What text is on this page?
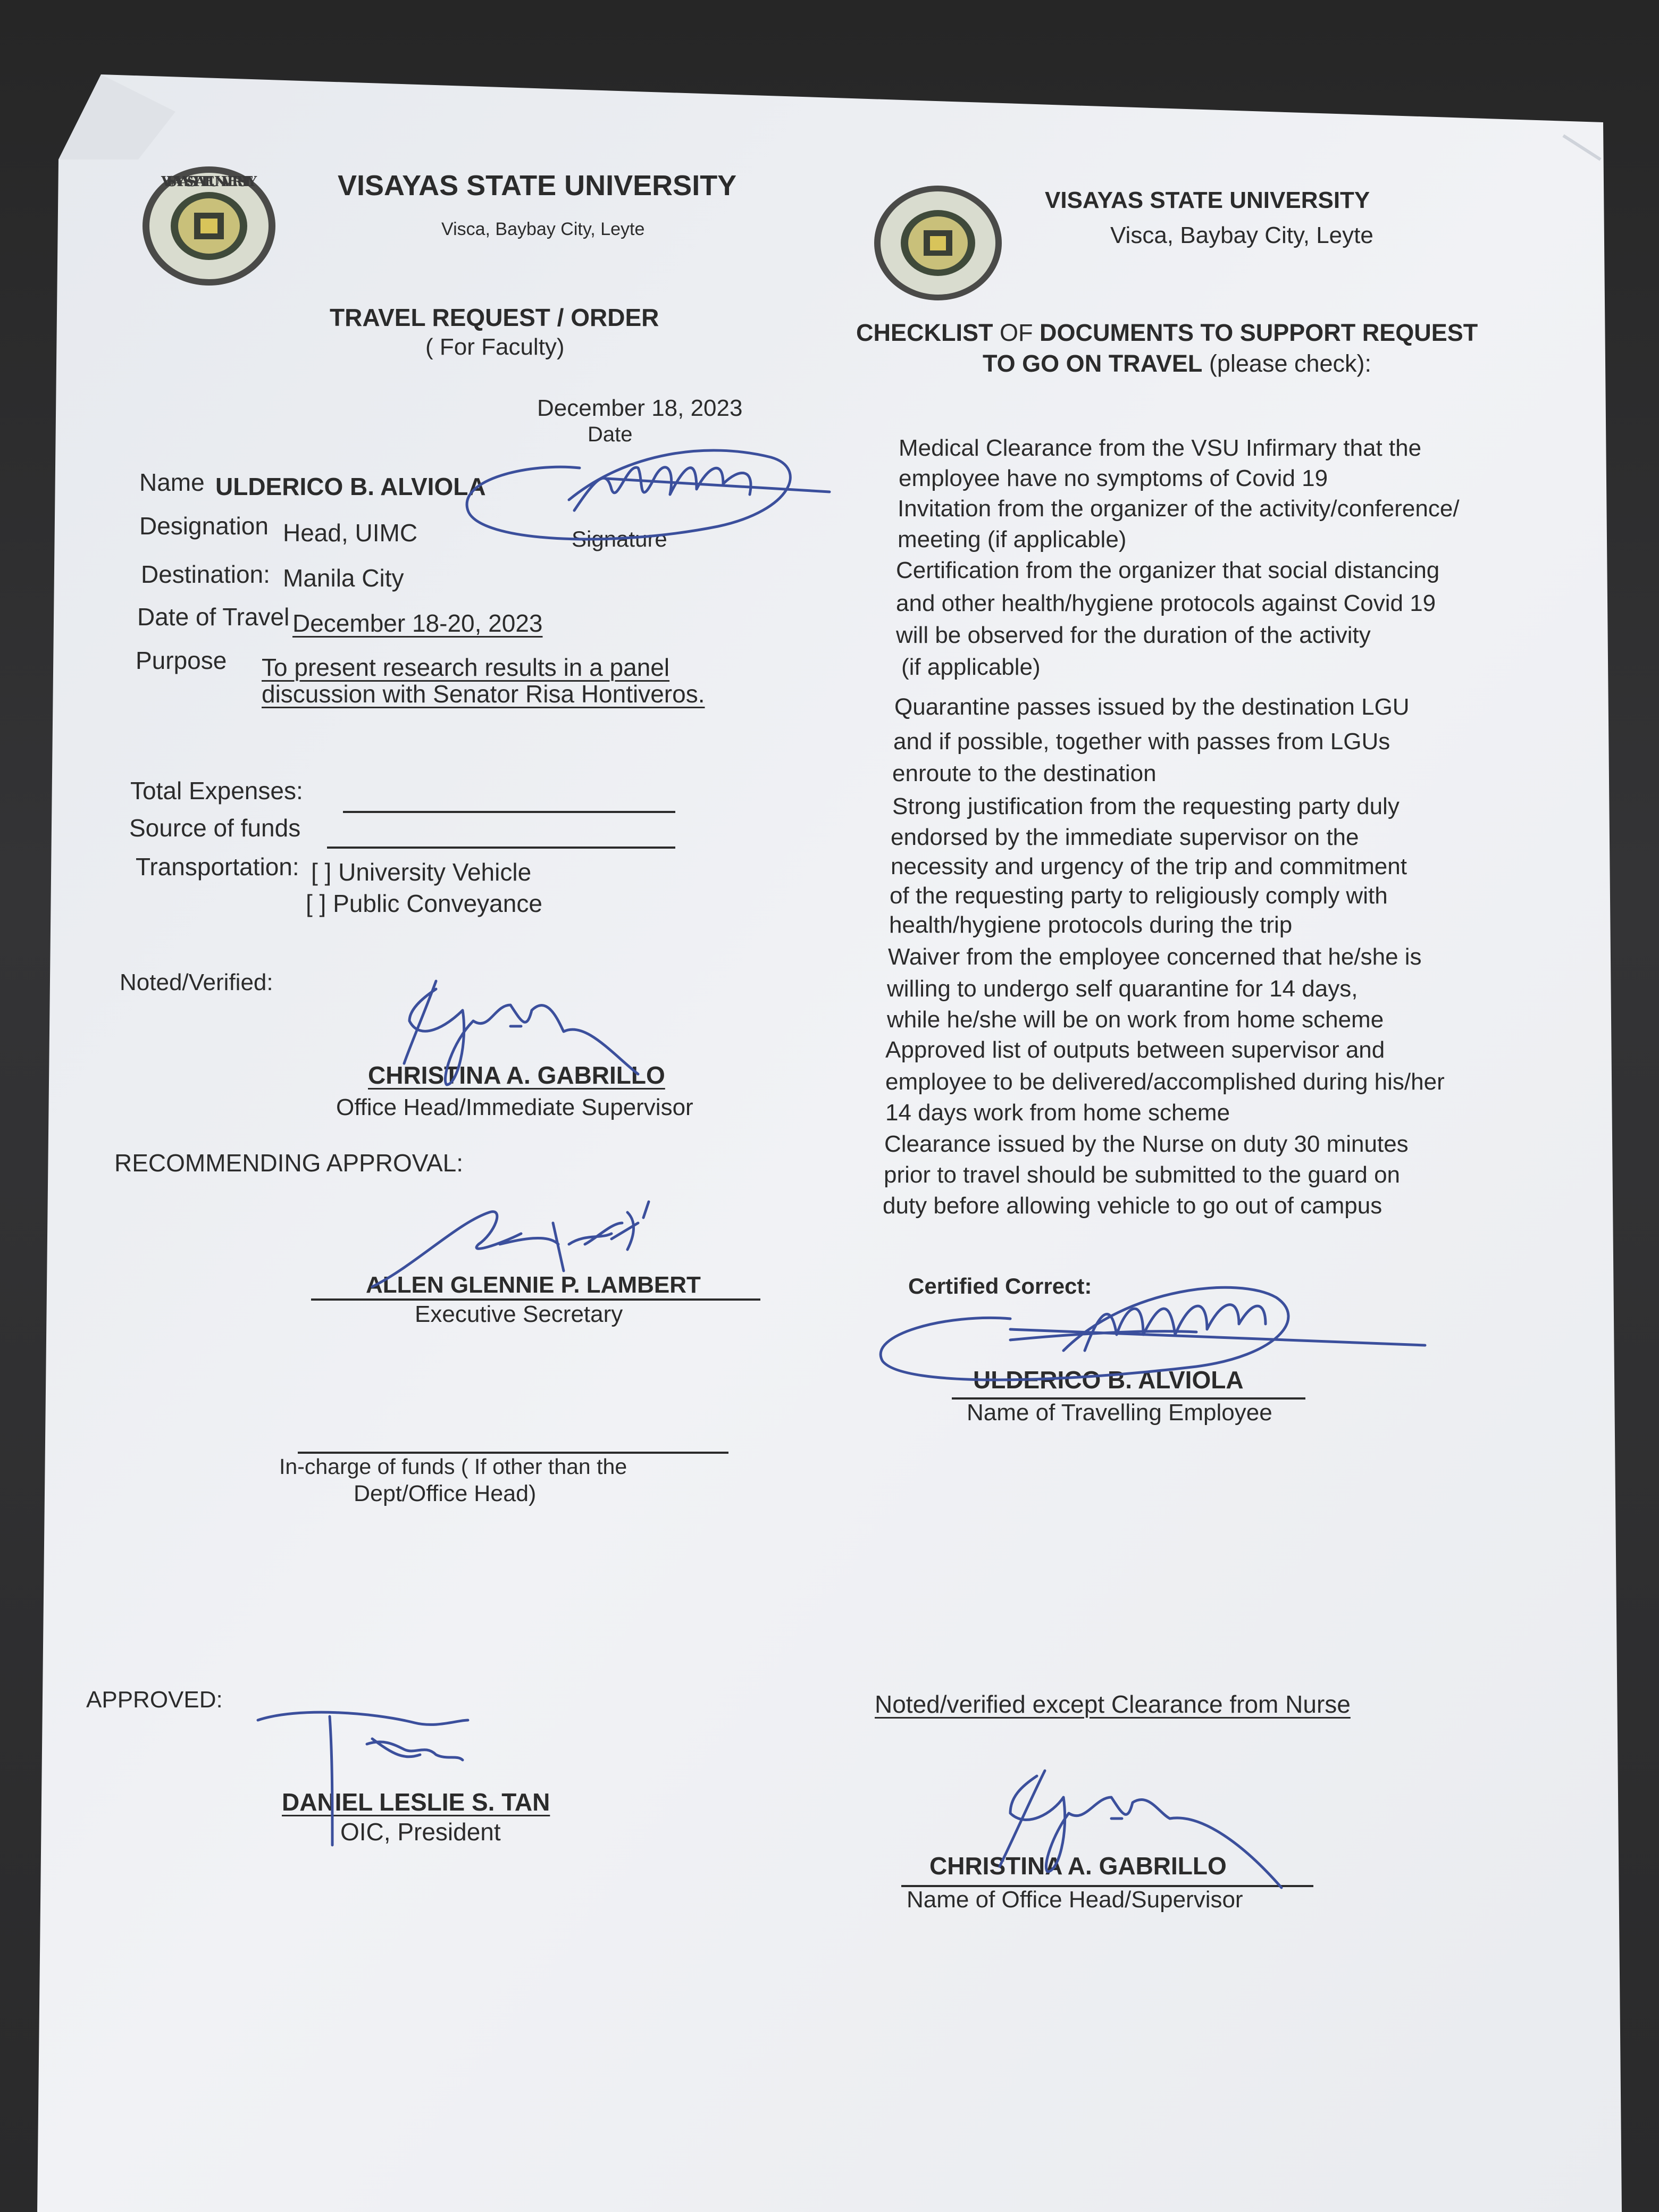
VISAYAS STATE UNIVERSITY	VISAYAS STATE UNIVERSITY
Visca, Baybay City, Leyte
TRAVEL REQUEST / ORDER
( For Faculty)
December 18, 2023
Date
Name ULDERICO B. ALVIOLA
Signature
Designation Head, UIMC
Destination: Manila City
Date of Travel December 18-20, 2023
Purpose To present research results in a panel
discussion with Senator Risa Hontiveros.
Total Expenses:
Source of funds
Transportation: [ ] University Vehicle
[ ] Public Conveyance
Noted/Verified:
CHRISTINA A. GABRILLO
Office Head/Immediate Supervisor
RECOMMENDING APPROVAL:
ALLEN GLENNIE P. LAMBERT
Executive Secretary
In-charge of funds ( If other than the
Dept/Office Head)
APPROVED:
DANIEL LESLIE S. TAN
OIC, President
VISAYAS STATE UNIVERSITY
Visca, Baybay City, Leyte
CHECKLIST OF DOCUMENTS TO SUPPORT REQUEST
TO GO ON TRAVEL (please check):
Medical Clearance from the VSU Infirmary that the
employee have no symptoms of Covid 19
Invitation from the organizer of the activity/conference/
meeting (if applicable)
Certification from the organizer that social distancing
and other health/hygiene protocols against Covid 19
will be observed for the duration of the activity
(if applicable)
Quarantine passes issued by the destination LGU
and if possible, together with passes from LGUs
enroute to the destination
Strong justification from the requesting party duly
endorsed by the immediate supervisor on the
necessity and urgency of the trip and commitment
of the requesting party to religiously comply with
health/hygiene protocols during the trip
Waiver from the employee concerned that he/she is
willing to undergo self quarantine for 14 days,
while he/she will be on work from home scheme
Approved list of outputs between supervisor and
employee to be delivered/accomplished during his/her
14 days work from home scheme
Clearance issued by the Nurse on duty 30 minutes
prior to travel should be submitted to the guard on
duty before allowing vehicle to go out of campus
Certified Correct:
ULDERICO B. ALVIOLA
Name of Travelling Employee
Noted/verified except Clearance from Nurse
CHRISTINA A. GABRILLO
Name of Office Head/Supervisor
